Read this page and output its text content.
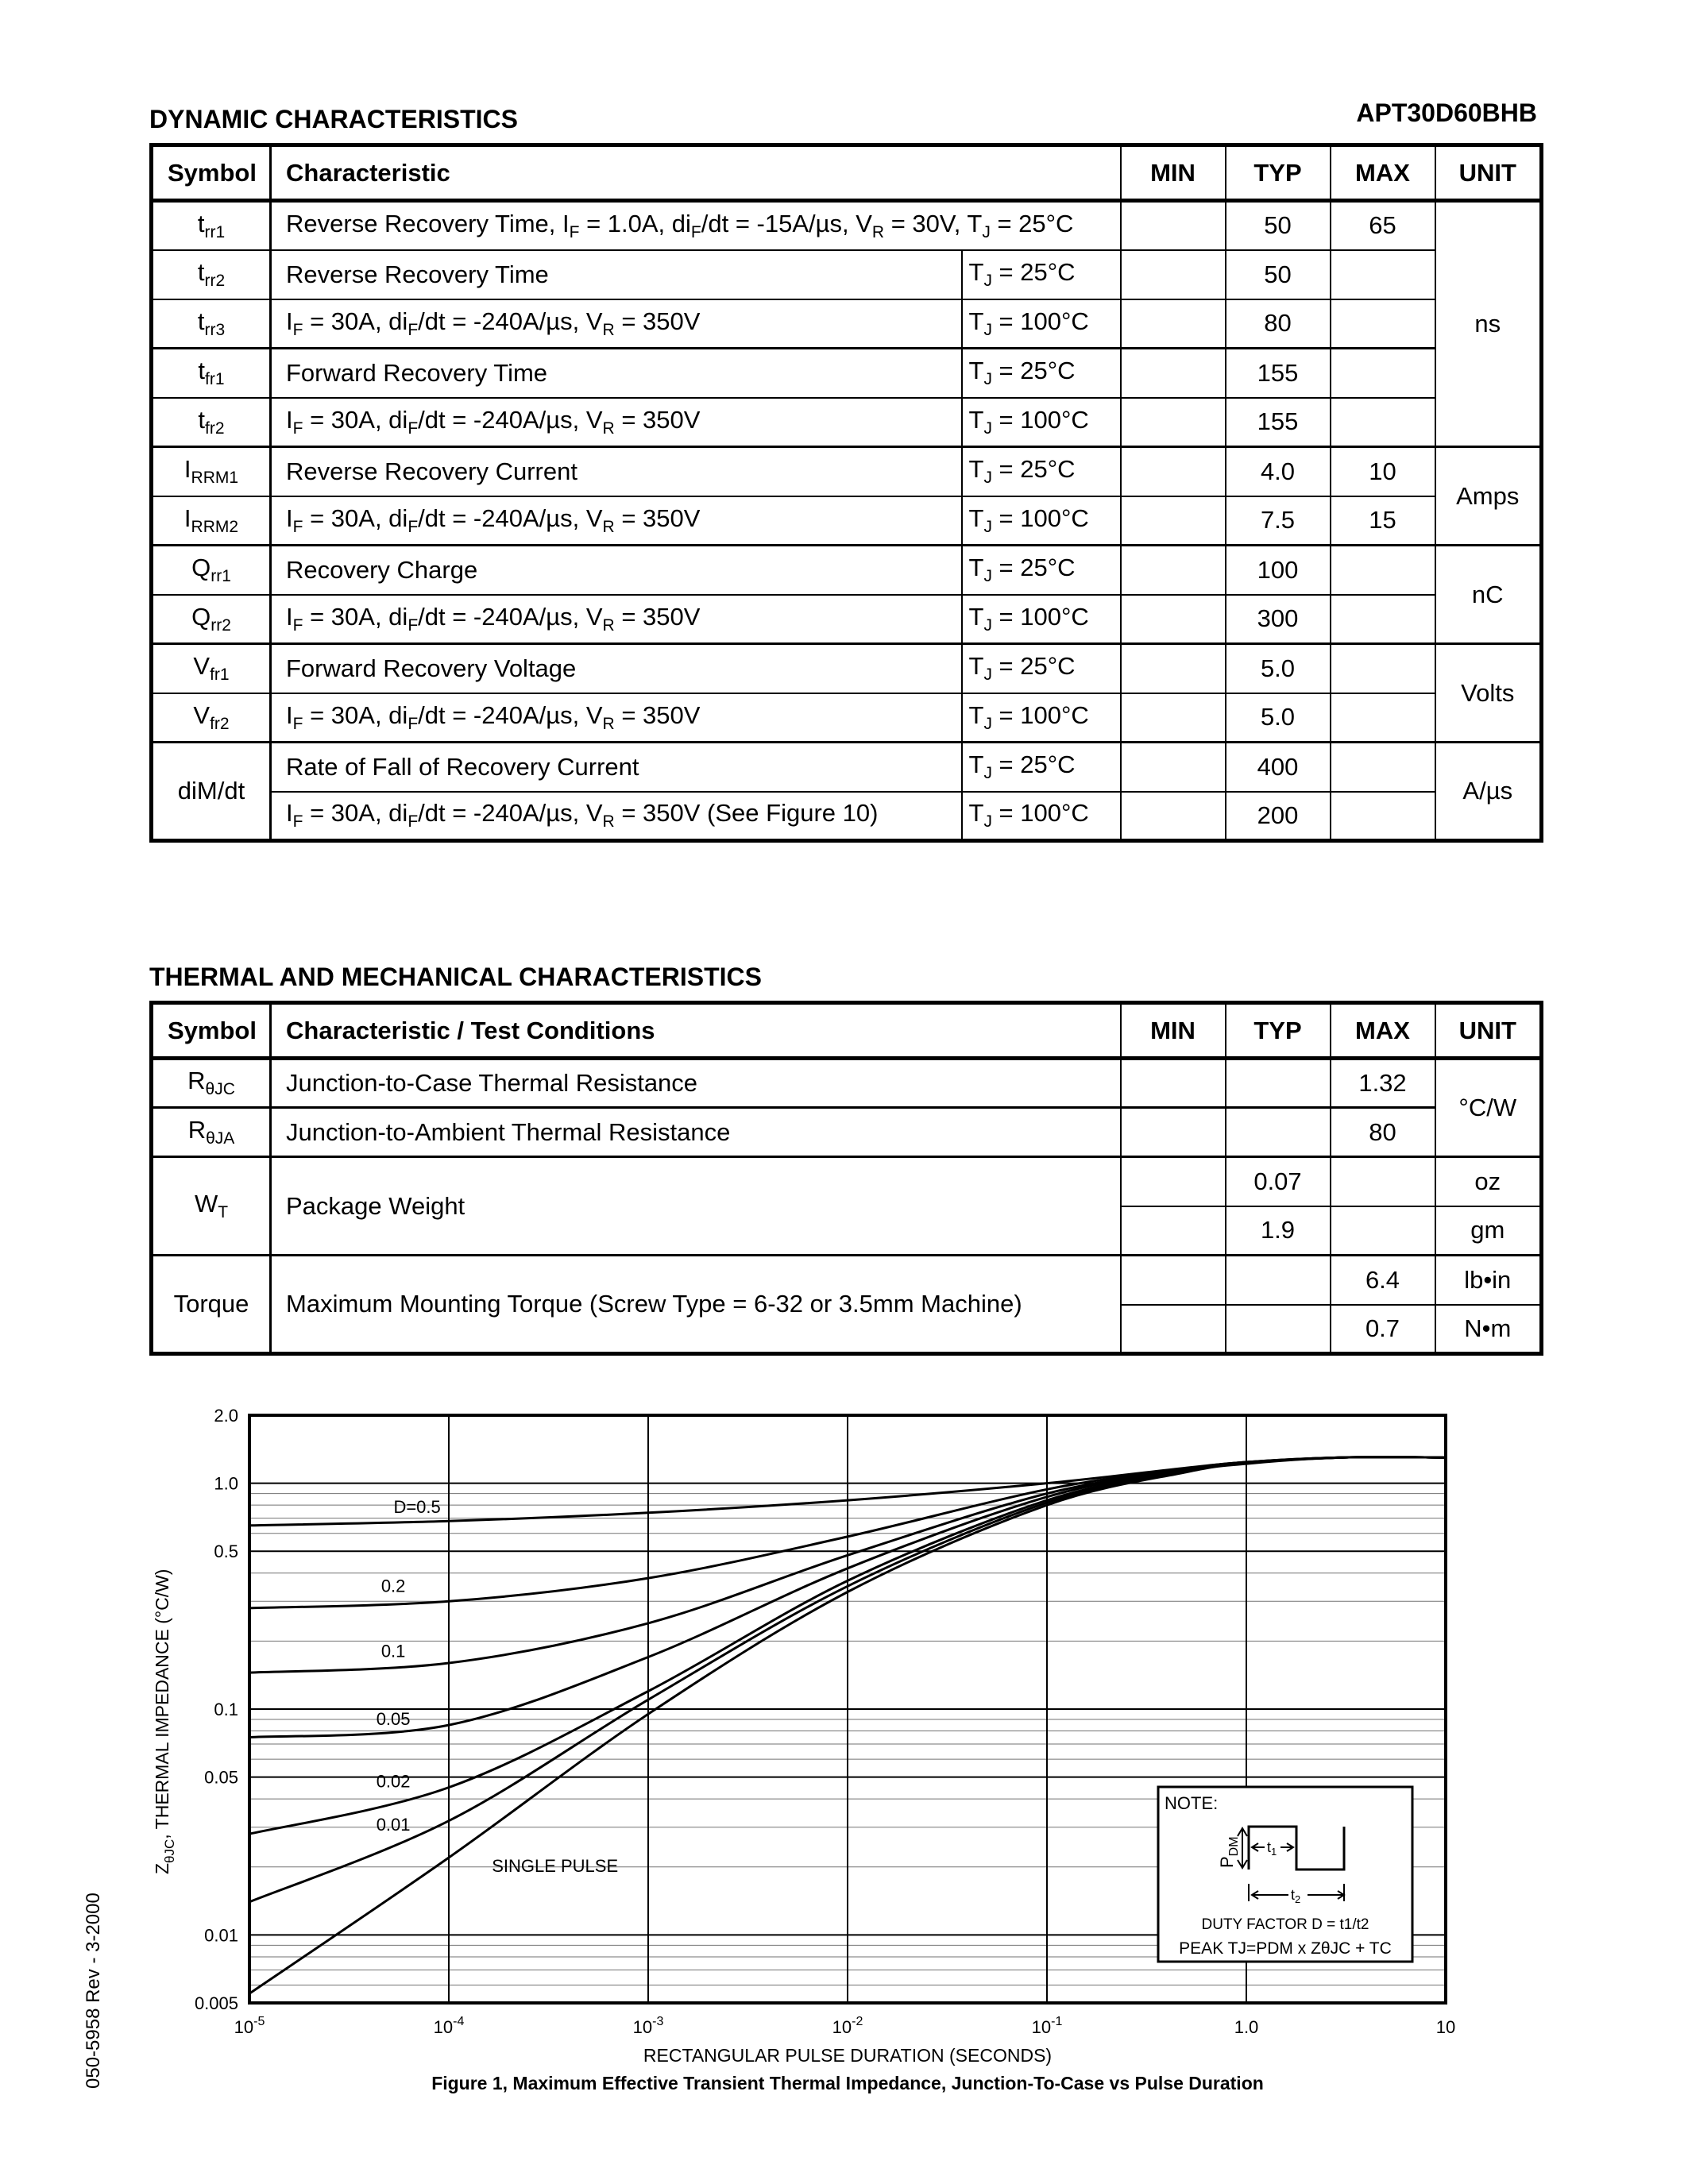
DYNAMIC CHARACTERISTICS	APT30D60BHB
Symbol	Characteristic		MIN	TYP	MAX	UNIT
$t_{rr1}$	Reverse Recovery Time, $I_F = 1.0A$, $di_F/dt = -15A/\mu s$, $V_R = 30V$, $T_J = 25^\circ C$			50	65	ns
$t_{rr2}$	Reverse Recovery Time	$T_J = 25^\circ C$		50		
$t_{rr3}$	$I_F = 30A$, $di_F/dt = -240A/\mu s$, $V_R = 350V$	$T_J = 100^\circ C$		80		
$t_{fr1}$	Forward Recovery Time	$T_J = 25^\circ C$		155		
$t_{fr2}$	$I_F = 30A$, $di_F/dt = -240A/\mu s$, $V_R = 350V$	$T_J = 100^\circ C$		155		
$I_{RRM1}$	Reverse Recovery Current	$T_J = 25^\circ C$		4.0	10	Amps
$I_{RRM2}$	$I_F = 30A$, $di_F/dt = -240A/\mu s$, $V_R = 350V$	$T_J = 100^\circ C$		7.5	15	
$Q_{rr1}$	Recovery Charge	$T_J = 25^\circ C$		100		nC
$Q_{rr2}$	$I_F = 30A$, $di_F/dt = -240A/\mu s$, $V_R = 350V$	$T_J = 100^\circ C$		300		
$V_{fr1}$	Forward Recovery Voltage	$T_J = 25^\circ C$		5.0		Volts
$V_{fr2}$	$I_F = 30A$, $di_F/dt = -240A/\mu s$, $V_R = 350V$	$T_J = 100^\circ C$		5.0		
diM/dt	Rate of Fall of Recovery Current	$T_J = 25^\circ C$		400		A/µs
	$I_F = 30A$, $di_F/dt = -240A/\mu s$, $V_R = 350V$ (See Figure 10)	$T_J = 100^\circ C$		200		
THERMAL AND MECHANICAL CHARACTERISTICS
Symbol	Characteristic / Test Conditions	MIN	TYP	MAX	UNIT
$R_{\theta JC}$	Junction-to-Case Thermal Resistance			1.32	°C/W
$R_{\theta JA}$	Junction-to-Ambient Thermal Resistance			80	
$W_T$	Package Weight		0.07		oz
			1.9		gm
Torque	Maximum Mounting Torque (Screw Type = 6-32 or 3.5mm Machine)			6.4	lb•in
				0.7	N•m
2.0
1.0
0.5
0.1
0.05
0.01
0.005
$10^{-5}$	$10^{-4}$	$10^{-3}$	$10^{-2}$	$10^{-1}$	1.0	10
D=0.5
0.2
0.1
0.05
0.02
0.01
SINGLE PULSE
RECTANGULAR PULSE DURATION (SECONDS)
Figure 1, Maximum Effective Transient Thermal Impedance, Junction-To-Case vs Pulse Duration
$Z_{\theta JC}$, THERMAL IMPEDANCE (°C/W)	NOTE:
$P_{DM}$ $t_1$
$t_2$
DUTY FACTOR D = t1/t2
PEAK TJ=PDM x ZθJC + TC
050-5958 Rev - 3-2000
